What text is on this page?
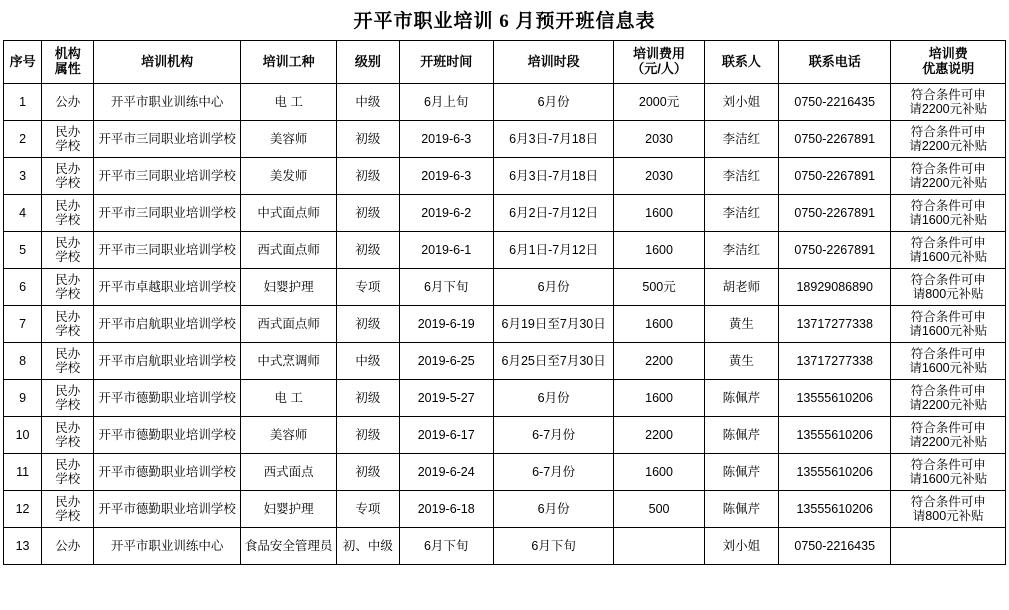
开平市职业培训 6 月预开班信息表
序号	机构
属性	培训机构	培训工种	级别	开班时间	培训时段	培训费用
（元/人）	联系人	联系电话	培训费
优惠说明

1	公办	开平市职业训练中心	电 工	中级	6月上旬	6月份	2000元	刘小姐	0750-2216435	符合条件可申
请2200元补贴

2	民办
学校	开平市三同职业培训学校	美容师	初级	2019-6-3	6月3日-7月18日	2030	李洁红	0750-2267891	符合条件可申
请2200元补贴

3	民办
学校	开平市三同职业培训学校	美发师	初级	2019-6-3	6月3日-7月18日	2030	李洁红	0750-2267891	符合条件可申
请2200元补贴

4	民办
学校	开平市三同职业培训学校	中式面点师	初级	2019-6-2	6月2日-7月12日	1600	李洁红	0750-2267891	符合条件可申
请1600元补贴

5	民办
学校	开平市三同职业培训学校	西式面点师	初级	2019-6-1	6月1日-7月12日	1600	李洁红	0750-2267891	符合条件可申
请1600元补贴

6	民办
学校	开平市卓越职业培训学校	妇婴护理	专项	6月下旬	6月份	500元	胡老师	18929086890	符合条件可申
请800元补贴

7	民办
学校	开平市启航职业培训学校	西式面点师	初级	2019-6-19	6月19日至7月30日	1600	黄生	13717277338	符合条件可申
请1600元补贴

8	民办
学校	开平市启航职业培训学校	中式烹调师	中级	2019-6-25	6月25日至7月30日	2200	黄生	13717277338	符合条件可申
请1600元补贴

9	民办
学校	开平市德勤职业培训学校	电 工	初级	2019-5-27	6月份	1600	陈佩芹	13555610206	符合条件可申
请2200元补贴

10	民办
学校	开平市德勤职业培训学校	美容师	初级	2019-6-17	6-7月份	2200	陈佩芹	13555610206	符合条件可申
请2200元补贴

11	民办
学校	开平市德勤职业培训学校	西式面点	初级	2019-6-24	6-7月份	1600	陈佩芹	13555610206	符合条件可申
请1600元补贴

12	民办
学校	开平市德勤职业培训学校	妇婴护理	专项	2019-6-18	6月份	500	陈佩芹	13555610206	符合条件可申
请800元补贴

13	公办	开平市职业训练中心	食品安全管理员	初、中级	6月下旬	6月下旬		刘小姐	0750-2216435	
